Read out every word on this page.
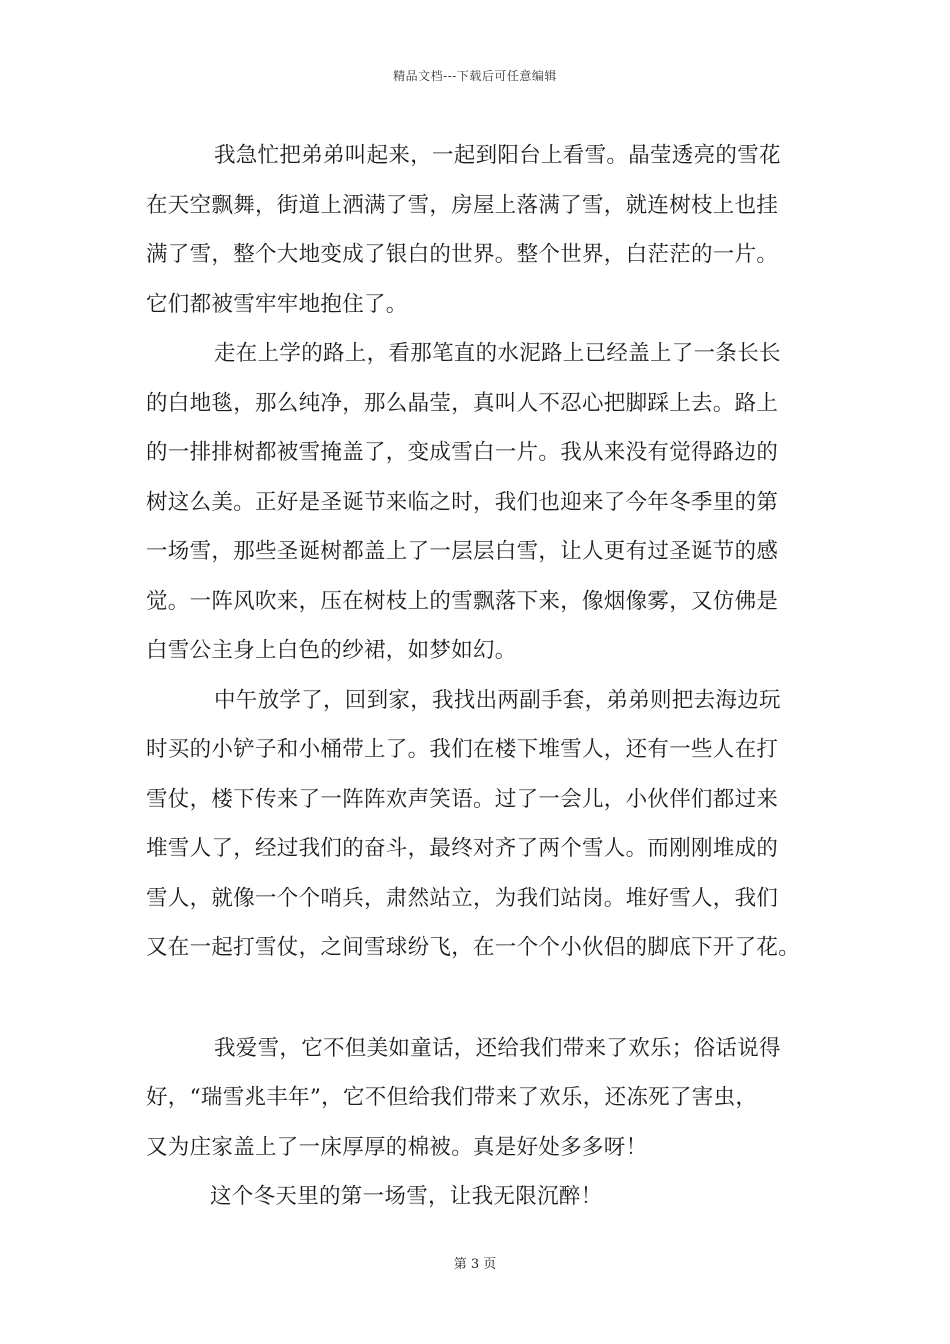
精品文档---下载后可任意编辑
我急忙把弟弟叫起来，一起到阳台上看雪。晶莹透亮的雪花
在天空飘舞，街道上洒满了雪，房屋上落满了雪，就连树枝上也挂
满了雪，整个大地变成了银白的世界。整个世界，白茫茫的一片。
它们都被雪牢牢地抱住了。
走在上学的路上，看那笔直的水泥路上已经盖上了一条长长
的白地毯，那么纯净，那么晶莹，真叫人不忍心把脚踩上去。路上
的一排排树都被雪掩盖了，变成雪白一片。我从来没有觉得路边的
树这么美。正好是圣诞节来临之时，我们也迎来了今年冬季里的第
一场雪，那些圣诞树都盖上了一层层白雪，让人更有过圣诞节的感
觉。一阵风吹来，压在树枝上的雪飘落下来，像烟像雾，又仿佛是
白雪公主身上白色的纱裙，如梦如幻。
中午放学了，回到家，我找出两副手套，弟弟则把去海边玩
时买的小铲子和小桶带上了。我们在楼下堆雪人，还有一些人在打
雪仗，楼下传来了一阵阵欢声笑语。过了一会儿，小伙伴们都过来
堆雪人了，经过我们的奋斗，最终对齐了两个雪人。而刚刚堆成的
雪人，就像一个个哨兵，肃然站立，为我们站岗。堆好雪人，我们
又在一起打雪仗，之间雪球纷飞，在一个个小伙侣的脚底下开了花。
我爱雪，它不但美如童话，还给我们带来了欢乐；俗话说得
好，“瑞雪兆丰年”，它不但给我们带来了欢乐，还冻死了害虫，
又为庄家盖上了一床厚厚的棉被。真是好处多多呀！
这个冬天里的第一场雪，让我无限沉醉！
第 3 页
